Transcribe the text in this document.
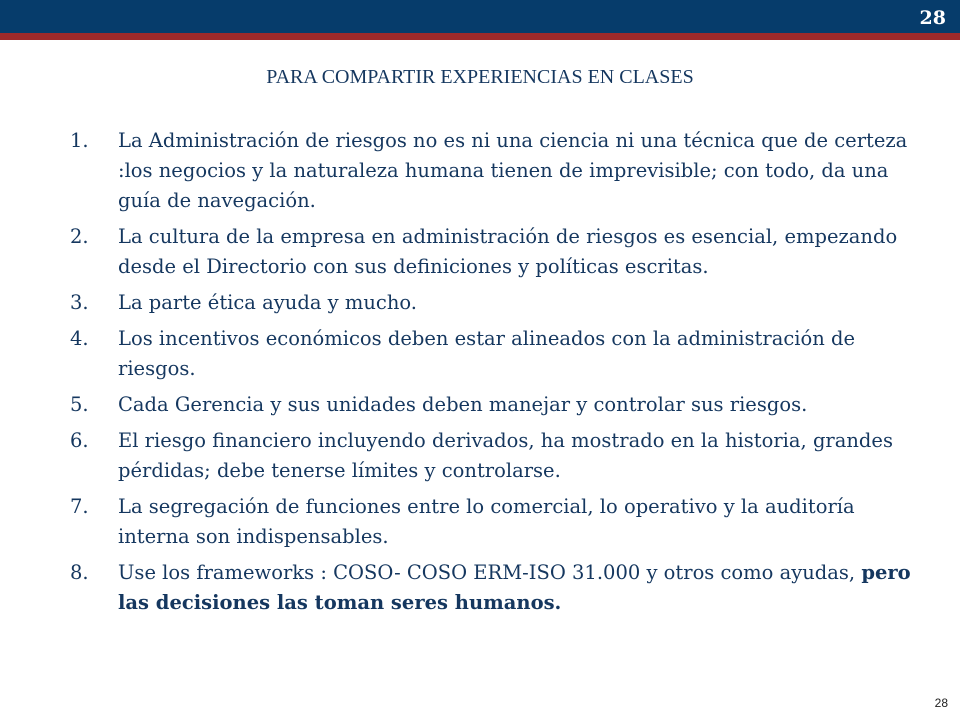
28
PARA COMPARTIR EXPERIENCIAS EN CLASES
1.	La Administración de riesgos no es ni una ciencia ni una técnica que de certeza :los negocios y la naturaleza humana tienen de imprevisible; con todo, da una guía de navegación.
2.	La cultura de la empresa en administración de riesgos es esencial, empezando desde el Directorio con sus definiciones y políticas escritas.
3.	La parte ética ayuda y mucho.
4.	Los incentivos económicos deben estar alineados con la administración de riesgos.
5.	Cada Gerencia y sus unidades deben manejar y controlar sus riesgos.
6.	El riesgo financiero incluyendo derivados, ha mostrado en la historia, grandes pérdidas; debe tenerse límites y controlarse.
7.	La segregación de funciones entre lo comercial, lo operativo y la auditoría interna son indispensables.
8.	Use los frameworks : COSO- COSO ERM-ISO 31.000 y otros como ayudas, pero las decisiones las toman seres humanos.
28
